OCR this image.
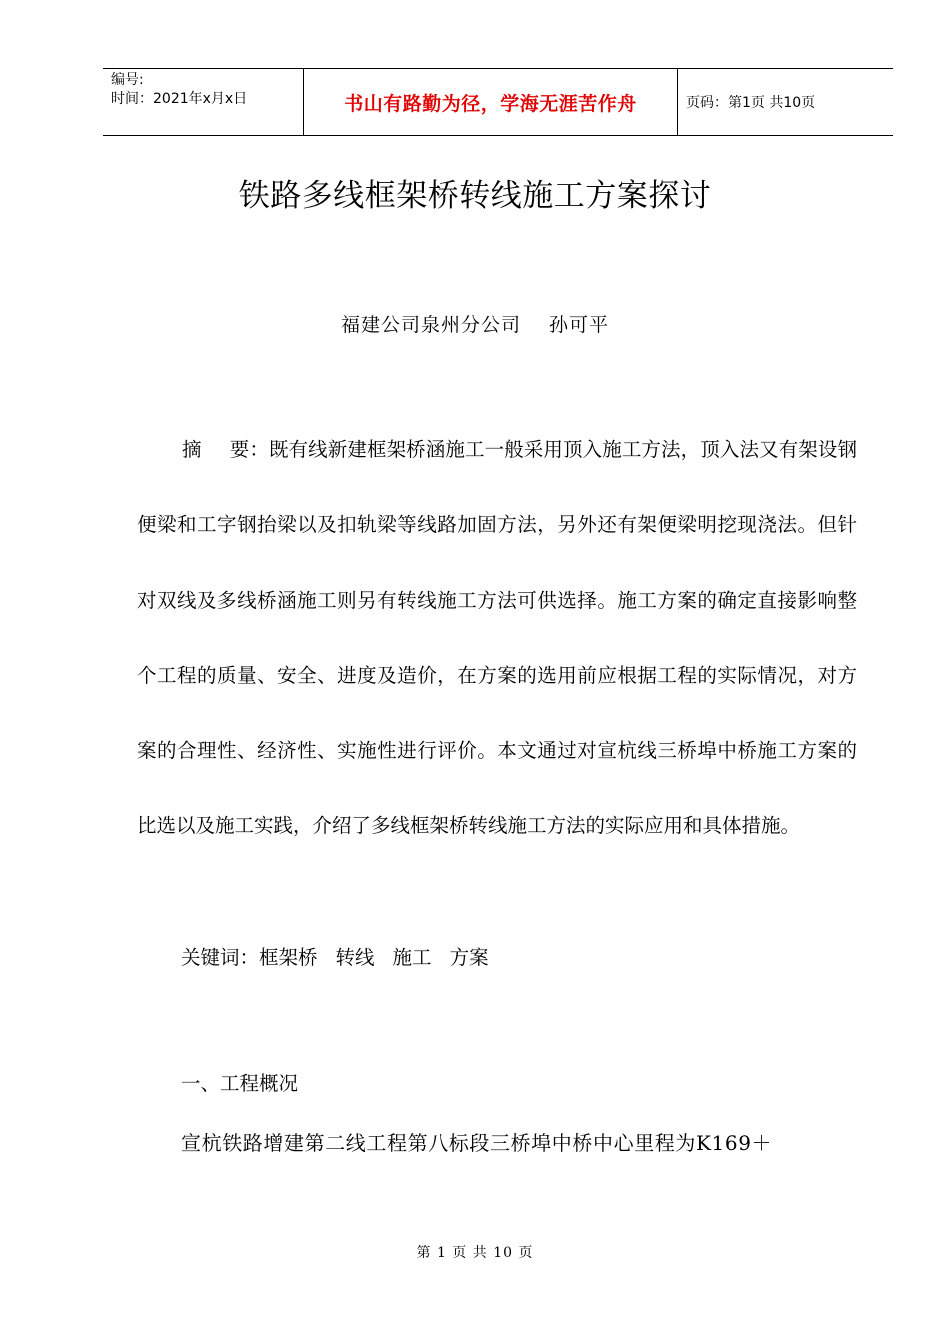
编号:
时间：2021年x月x日	书山有路勤为径，学海无涯苦作舟	页码：第1页 共10页
铁路多线框架桥转线施工方案探讨
福建公司泉州分公司 孙可平
摘 要：既有线新建框架桥涵施工一般采用顶入施工方法，顶入法又有架设钢便梁和工字钢抬梁以及扣轨梁等线路加固方法，另外还有架便梁明挖现浇法。但针对双线及多线桥涵施工则另有转线施工方法可供选择。施工方案的确定直接影响整个工程的质量、安全、进度及造价，在方案的选用前应根据工程的实际情况，对方案的合理性、经济性、实施性进行评价。本文通过对宣杭线三桥埠中桥施工方案的比选以及施工实践，介绍了多线框架桥转线施工方法的实际应用和具体措施。
关键词：框架桥 转线 施工 方案
一、工程概况
宣杭铁路增建第二线工程第八标段三桥埠中桥中心里程为K169＋
第 1 页 共 10 页
